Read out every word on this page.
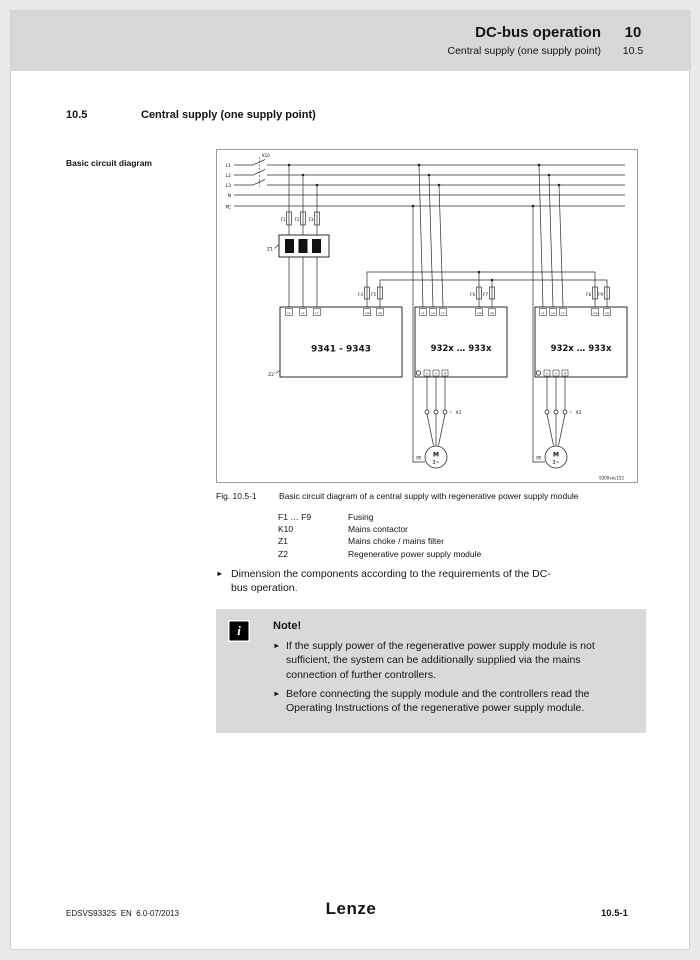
DC-bus operation	10
Central supply (one supply point)	10.5
10.5	Central supply (one supply point)
Basic circuit diagram	L1
L2
L3
N
PE
K10
F1 F2 F3
Z1
Z2
9341 - 9343	932x … 933x	932x … 933x
F4 F5	F6 F7	F8 F9
L1	L2	L3	+UG	-UG	L1	L2	L3	+UG	-UG
U	V	W
L1	L2	L3	+UG	-UG
U	V	W
X1	X2
M
3~
M
3~
PE	PE
9300vec152
Fig. 10.5-1	Basic circuit diagram of a central supply with regenerative power supply module
F1 … F9	Fusing
K10	Mains contactor
Z1	Mains choke / mains filter
Z2	Regenerative power supply module
► Dimension the components according to the requirements of the DC-bus operation.
i	Note!
► If the supply power of the regenerative power supply module is not sufficient, the system can be additionally supplied via the mains connection of further controllers.
► Before connecting the supply module and the controllers read the Operating Instructions of the regenerative power supply module.
EDSVS9332S  EN  6.0-07/2013	Lenze	10.5-1
